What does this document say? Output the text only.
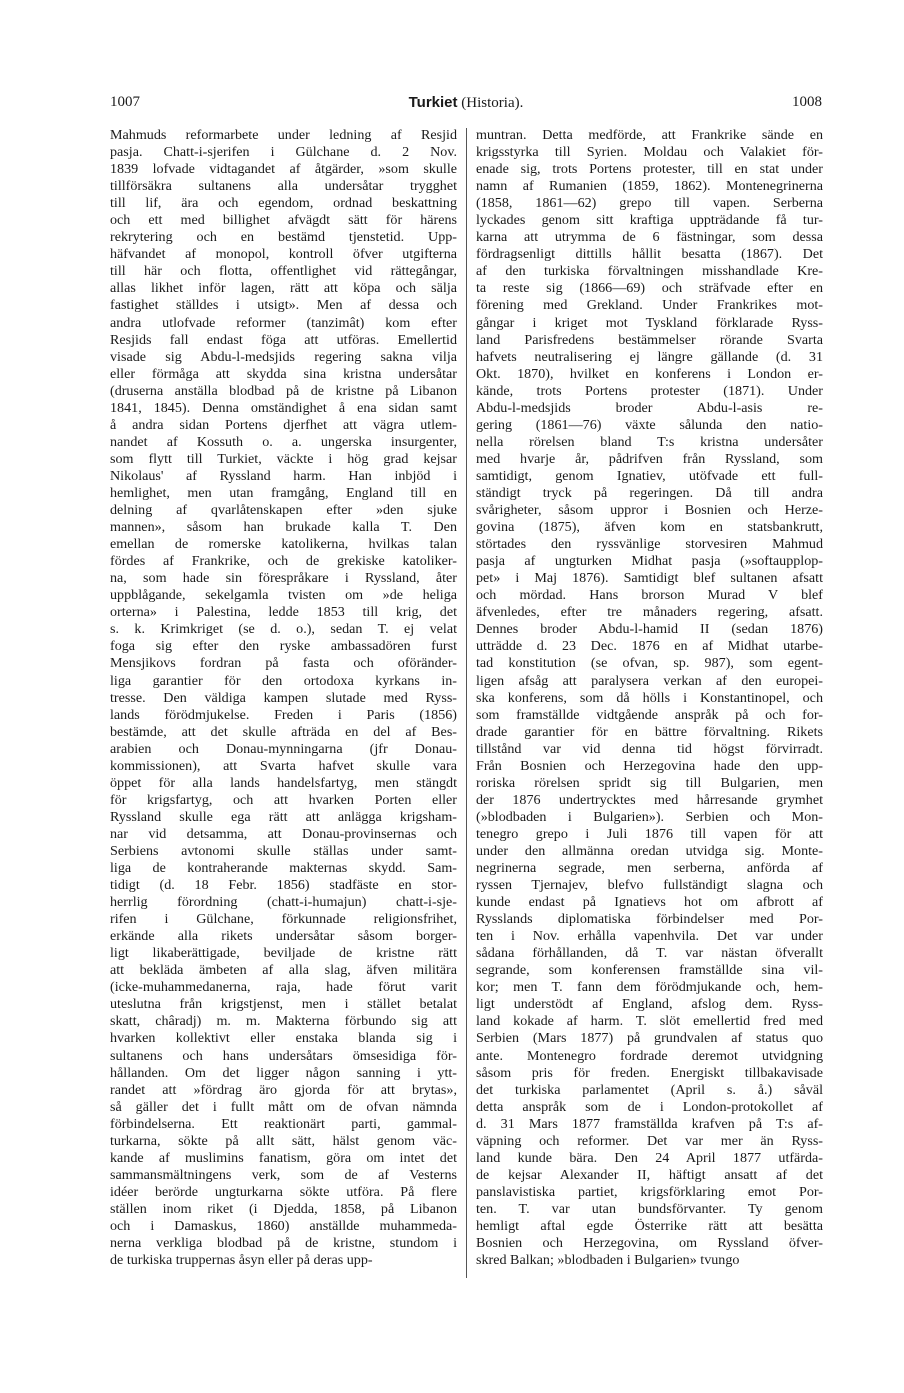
1007	Turkiet (Historia).	1008
Mahmuds reformarbete under ledning af Resjid
pasja. Chatt-i-sjerifen i Gülchane d. 2 Nov.
1839 lofvade vidtagandet af åtgärder, »som skulle
tillförsäkra sultanens alla undersåtar trygghet
till lif, ära och egendom, ordnad beskattning
och ett med billighet afvägdt sätt för härens
rekrytering och en bestämd tjenstetid. Upp-
häfvandet af monopol, kontroll öfver utgifterna
till här och flotta, offentlighet vid rättegångar,
allas likhet inför lagen, rätt att köpa och sälja
fastighet ställdes i utsigt». Men af dessa och
andra utlofvade reformer (tanzimât) kom efter
Resjids fall endast föga att utföras. Emellertid
visade sig Abdu-l-medsjids regering sakna vilja
eller förmåga att skydda sina kristna undersåtar
(druserna anställa blodbad på de kristne på Libanon
1841, 1845). Denna omständighet å ena sidan samt
å andra sidan Portens djerfhet att vägra utlem-
nandet af Kossuth o. a. ungerska insurgenter,
som flytt till Turkiet, väckte i hög grad kejsar
Nikolaus' af Ryssland harm. Han inbjöd i
hemlighet, men utan framgång, England till en
delning af qvarlåtenskapen efter »den sjuke
mannen», såsom han brukade kalla T. Den
emellan de romerske katolikerna, hvilkas talan
fördes af Frankrike, och de grekiske katoliker-
na, som hade sin förespråkare i Ryssland, åter
uppblågande, sekelgamla tvisten om »de heliga
orterna» i Palestina, ledde 1853 till krig, det
s. k. Krimkriget (se d. o.), sedan T. ej velat
foga sig efter den ryske ambassadören furst
Mensjikovs fordran på fasta och oföränder-
liga garantier för den ortodoxa kyrkans in-
tresse. Den väldiga kampen slutade med Ryss-
lands förödmjukelse. Freden i Paris (1856)
bestämde, att det skulle afträda en del af Bes-
arabien och Donau-mynningarna (jfr Donau-
kommissionen), att Svarta hafvet skulle vara
öppet för alla lands handelsfartyg, men stängdt
för krigsfartyg, och att hvarken Porten eller
Ryssland skulle ega rätt att anlägga krigsham-
nar vid detsamma, att Donau-provinsernas och
Serbiens avtonomi skulle ställas under samt-
liga de kontraherande makternas skydd. Sam-
tidigt (d. 18 Febr. 1856) stadfäste en stor-
herrlig förordning (chatt-i-humajun) chatt-i-sje-
rifen i Gülchane, förkunnade religionsfrihet,
erkände alla rikets undersåtar såsom borger-
ligt likaberättigade, beviljade de kristne rätt
att bekläda ämbeten af alla slag, äfven militära
(icke-muhammedanerna, raja, hade förut varit
uteslutna från krigstjenst, men i stället betalat
skatt, châradj) m. m. Makterna förbundo sig att
hvarken kollektivt eller enstaka blanda sig i
sultanens och hans undersåtars ömsesidiga för-
hållanden. Om det ligger någon sanning i ytt-
randet att »fördrag äro gjorda för att brytas»,
så gäller det i fullt mått om de ofvan nämnda
förbindelserna. Ett reaktionärt parti, gammal-
turkarna, sökte på allt sätt, hälst genom väc-
kande af muslimins fanatism, göra om intet det
sammansmältningens verk, som de af Vesterns
idéer berörde ungturkarna sökte utföra. På flere
ställen inom riket (i Djedda, 1858, på Libanon
och i Damaskus, 1860) anställde muhammeda-
nerna verkliga blodbad på de kristne, stundom i
de turkiska truppernas åsyn eller på deras upp-
muntran. Detta medförde, att Frankrike sände en
krigsstyrka till Syrien. Moldau och Valakiet för-
enade sig, trots Portens protester, till en stat under
namn af Rumanien (1859, 1862). Montenegrinerna
(1858, 1861—62) grepo till vapen. Serberna
lyckades genom sitt kraftiga uppträdande få tur-
karna att utrymma de 6 fästningar, som dessa
fördragsenligt dittills hållit besatta (1867). Det
af den turkiska förvaltningen misshandlade Kre-
ta reste sig (1866—69) och sträfvade efter en
förening med Grekland. Under Frankrikes mot-
gångar i kriget mot Tyskland förklarade Ryss-
land Parisfredens bestämmelser rörande Svarta
hafvets neutralisering ej längre gällande (d. 31
Okt. 1870), hvilket en konferens i London er-
kände, trots Portens protester (1871). Under
Abdu-l-medsjids broder Abdu-l-asis re-
gering (1861—76) växte sålunda den natio-
nella rörelsen bland T:s kristna undersåter
med hvarje år, pådrifven från Ryssland, som
samtidigt, genom Ignatiev, utöfvade ett full-
ständigt tryck på regeringen. Då till andra
svårigheter, såsom uppror i Bosnien och Herze-
govina (1875), äfven kom en statsbankrutt,
störtades den ryssvänlige storvesiren Mahmud
pasja af ungturken Midhat pasja (»softaupplop-
pet» i Maj 1876). Samtidigt blef sultanen afsatt
och mördad. Hans brorson Murad V blef
äfvenledes, efter tre månaders regering, afsatt.
Dennes broder Abdu-l-hamid II (sedan 1876)
utträdde d. 23 Dec. 1876 en af Midhat utarbe-
tad konstitution (se ofvan, sp. 987), som egent-
ligen afsåg att paralysera verkan af den europei-
ska konferens, som då hölls i Konstantinopel, och
som framställde vidtgående anspråk på och for-
drade garantier för en bättre förvaltning. Rikets
tillstånd var vid denna tid högst förvirradt.
Från Bosnien och Herzegovina hade den upp-
roriska rörelsen spridt sig till Bulgarien, men
der 1876 undertrycktes med hårresande grymhet
(»blodbaden i Bulgarien»). Serbien och Mon-
tenegro grepo i Juli 1876 till vapen för att
under den allmänna oredan utvidga sig. Monte-
negrinerna segrade, men serberna, anförda af
ryssen Tjernajev, blefvo fullständigt slagna och
kunde endast på Ignatievs hot om afbrott af
Rysslands diplomatiska förbindelser med Por-
ten i Nov. erhålla vapenhvila. Det var under
sådana förhållanden, då T. var nästan öfverallt
segrande, som konferensen framställde sina vil-
kor; men T. fann dem förödmjukande och, hem-
ligt understödt af England, afslog dem. Ryss-
land kokade af harm. T. slöt emellertid fred med
Serbien (Mars 1877) på grundvalen af status quo
ante. Montenegro fordrade deremot utvidgning
såsom pris för freden. Energiskt tillbakavisade
det turkiska parlamentet (April s. å.) såväl
detta anspråk som de i London-protokollet af
d. 31 Mars 1877 framställda krafven på T:s af-
väpning och reformer. Det var mer än Ryss-
land kunde bära. Den 24 April 1877 utfärda-
de kejsar Alexander II, häftigt ansatt af det
panslavistiska partiet, krigsförklaring emot Por-
ten. T. var utan bundsförvanter. Ty genom
hemligt aftal egde Österrike rätt att besätta
Bosnien och Herzegovina, om Ryssland öfver-
skred Balkan; »blodbaden i Bulgarien» tvungo
